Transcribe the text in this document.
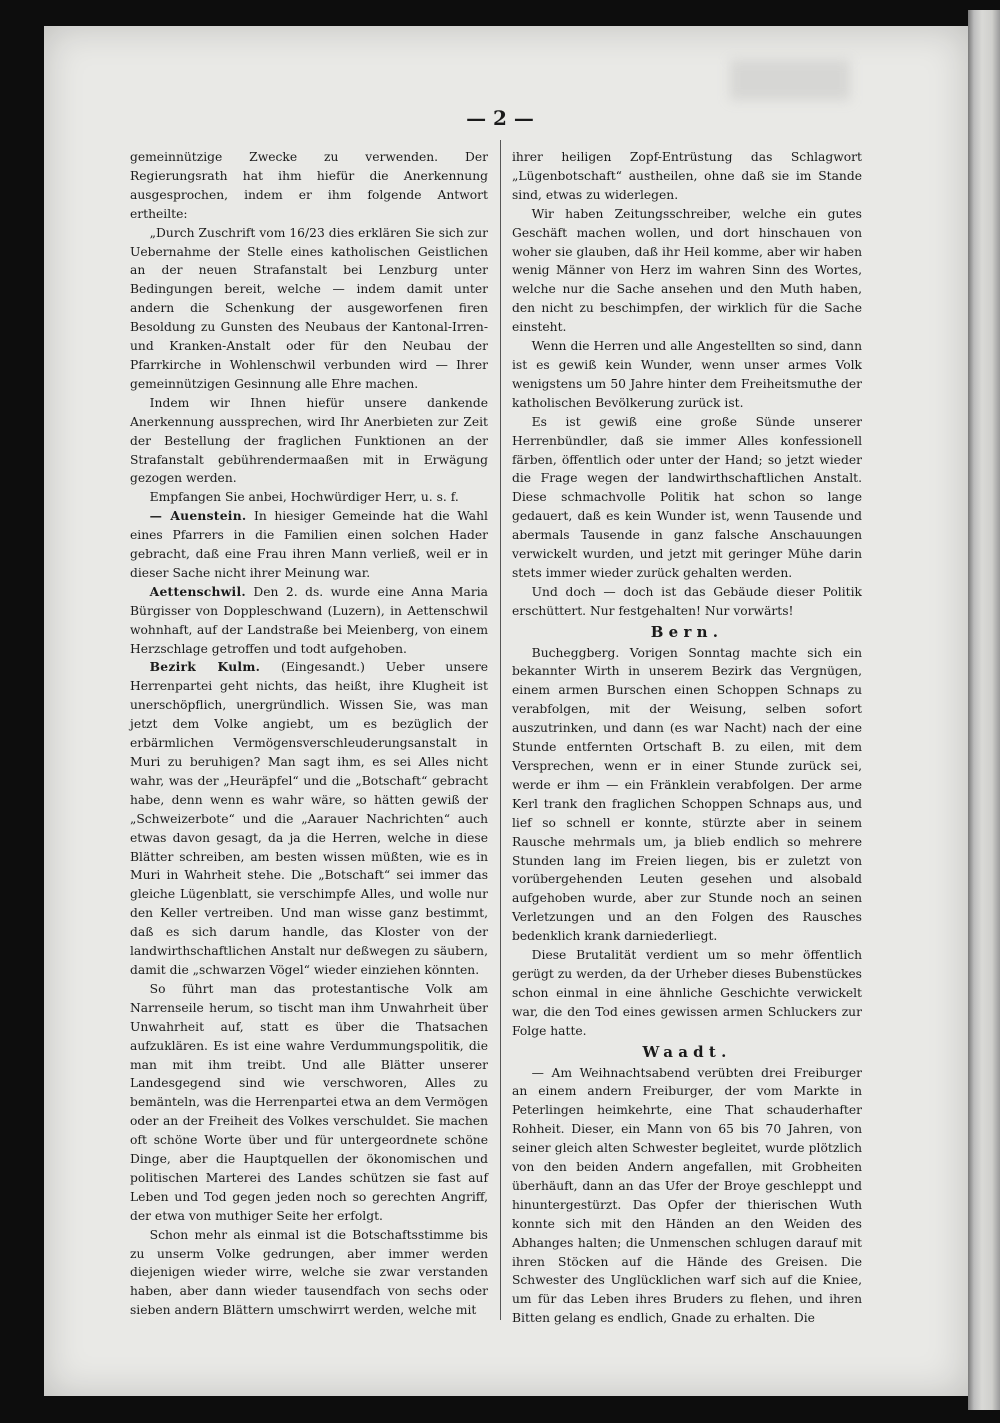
— 2 —

gemeinnützige Zwecke zu verwenden. Der Regierungsrath hat ihm hiefür die Anerkennung ausgesprochen, indem er ihm folgende Antwort ertheilte:

„Durch Zuschrift vom 16/23 dies erklären Sie sich zur Uebernahme der Stelle eines katholischen Geistlichen an der neuen Strafanstalt bei Lenzburg unter Bedingungen bereit, welche — indem damit unter andern die Schenkung der ausgeworfenen firen Besoldung zu Gunsten des Neubaus der Kantonal-Irren- und Kranken-Anstalt oder für den Neubau der Pfarrkirche in Wohlenschwil verbunden wird — Ihrer gemeinnützigen Gesinnung alle Ehre machen.

Indem wir Ihnen hiefür unsere dankende Anerkennung aussprechen, wird Ihr Anerbieten zur Zeit der Bestellung der fraglichen Funktionen an der Strafanstalt gebührendermaaßen mit in Erwägung gezogen werden.

Empfangen Sie anbei, Hochwürdiger Herr, u. s. f.

— Auenstein. In hiesiger Gemeinde hat die Wahl eines Pfarrers in die Familien einen solchen Hader gebracht, daß eine Frau ihren Mann verließ, weil er in dieser Sache nicht ihrer Meinung war.

Aettenschwil. Den 2. ds. wurde eine Anna Maria Bürgisser von Doppleschwand (Luzern), in Aettenschwil wohnhaft, auf der Landstraße bei Meienberg, von einem Herzschlage getroffen und todt aufgehoben.

Bezirk Kulm. (Eingesandt.) Ueber unsere Herrenpartei geht nichts, das heißt, ihre Klugheit ist unerschöpflich, unergründlich. Wissen Sie, was man jetzt dem Volke angiebt, um es bezüglich der erbärmlichen Vermögensverschleuderungsanstalt in Muri zu beruhigen? Man sagt ihm, es sei Alles nicht wahr, was der „Heuräpfel“ und die „Botschaft“ gebracht habe, denn wenn es wahr wäre, so hätten gewiß der „Schweizerbote“ und die „Aarauer Nachrichten“ auch etwas davon gesagt, da ja die Herren, welche in diese Blätter schreiben, am besten wissen müßten, wie es in Muri in Wahrheit stehe. Die „Botschaft“ sei immer das gleiche Lügenblatt, sie verschimpfe Alles, und wolle nur den Keller vertreiben. Und man wisse ganz bestimmt, daß es sich darum handle, das Kloster von der landwirthschaftlichen Anstalt nur deßwegen zu säubern, damit die „schwarzen Vögel“ wieder einziehen könnten.

So führt man das protestantische Volk am Narrenseile herum, so tischt man ihm Unwahrheit über Unwahrheit auf, statt es über die Thatsachen aufzuklären. Es ist eine wahre Verdummungspolitik, die man mit ihm treibt. Und alle Blätter unserer Landesgegend sind wie verschworen, Alles zu bemänteln, was die Herrenpartei etwa an dem Vermögen oder an der Freiheit des Volkes verschuldet. Sie machen oft schöne Worte über und für untergeordnete schöne Dinge, aber die Hauptquellen der ökonomischen und politischen Marterei des Landes schützen sie fast auf Leben und Tod gegen jeden noch so gerechten Angriff, der etwa von muthiger Seite her erfolgt.

Schon mehr als einmal ist die Botschaftsstimme bis zu unserm Volke gedrungen, aber immer werden diejenigen wieder wirre, welche sie zwar verstanden haben, aber dann wieder tausendfach von sechs oder sieben andern Blättern umschwirrt werden, welche mit

ihrer heiligen Zopf-Entrüstung das Schlagwort „Lügenbotschaft“ austheilen, ohne daß sie im Stande sind, etwas zu widerlegen.

Wir haben Zeitungsschreiber, welche ein gutes Geschäft machen wollen, und dort hinschauen von woher sie glauben, daß ihr Heil komme, aber wir haben wenig Männer von Herz im wahren Sinn des Wortes, welche nur die Sache ansehen und den Muth haben, den nicht zu beschimpfen, der wirklich für die Sache einsteht.

Wenn die Herren und alle Angestellten so sind, dann ist es gewiß kein Wunder, wenn unser armes Volk wenigstens um 50 Jahre hinter dem Freiheitsmuthe der katholischen Bevölkerung zurück ist.

Es ist gewiß eine große Sünde unserer Herrenbündler, daß sie immer Alles konfessionell färben, öffentlich oder unter der Hand; so jetzt wieder die Frage wegen der landwirthschaftlichen Anstalt. Diese schmachvolle Politik hat schon so lange gedauert, daß es kein Wunder ist, wenn Tausende und abermals Tausende in ganz falsche Anschauungen verwickelt wurden, und jetzt mit geringer Mühe darin stets immer wieder zurück gehalten werden.

Und doch — doch ist das Gebäude dieser Politik erschüttert. Nur festgehalten! Nur vorwärts!

Bern.

Bucheggberg. Vorigen Sonntag machte sich ein bekannter Wirth in unserem Bezirk das Vergnügen, einem armen Burschen einen Schoppen Schnaps zu verabfolgen, mit der Weisung, selben sofort auszutrinken, und dann (es war Nacht) nach der eine Stunde entfernten Ortschaft B. zu eilen, mit dem Versprechen, wenn er in einer Stunde zurück sei, werde er ihm — ein Fränklein verabfolgen. Der arme Kerl trank den fraglichen Schoppen Schnaps aus, und lief so schnell er konnte, stürzte aber in seinem Rausche mehrmals um, ja blieb endlich so mehrere Stunden lang im Freien liegen, bis er zuletzt von vorübergehenden Leuten gesehen und alsobald aufgehoben wurde, aber zur Stunde noch an seinen Verletzungen und an den Folgen des Rausches bedenklich krank darniederliegt.

Diese Brutalität verdient um so mehr öffentlich gerügt zu werden, da der Urheber dieses Bubenstückes schon einmal in eine ähnliche Geschichte verwickelt war, die den Tod eines gewissen armen Schluckers zur Folge hatte.

Waadt.

— Am Weihnachtsabend verübten drei Freiburger an einem andern Freiburger, der vom Markte in Peterlingen heimkehrte, eine That schauderhafter Rohheit. Dieser, ein Mann von 65 bis 70 Jahren, von seiner gleich alten Schwester begleitet, wurde plötzlich von den beiden Andern angefallen, mit Grobheiten überhäuft, dann an das Ufer der Broye geschleppt und hinuntergestürzt. Das Opfer der thierischen Wuth konnte sich mit den Händen an den Weiden des Abhanges halten; die Unmenschen schlugen darauf mit ihren Stöcken auf die Hände des Greisen. Die Schwester des Unglücklichen warf sich auf die Kniee, um für das Leben ihres Bruders zu flehen, und ihren Bitten gelang es endlich, Gnade zu erhalten. Die
